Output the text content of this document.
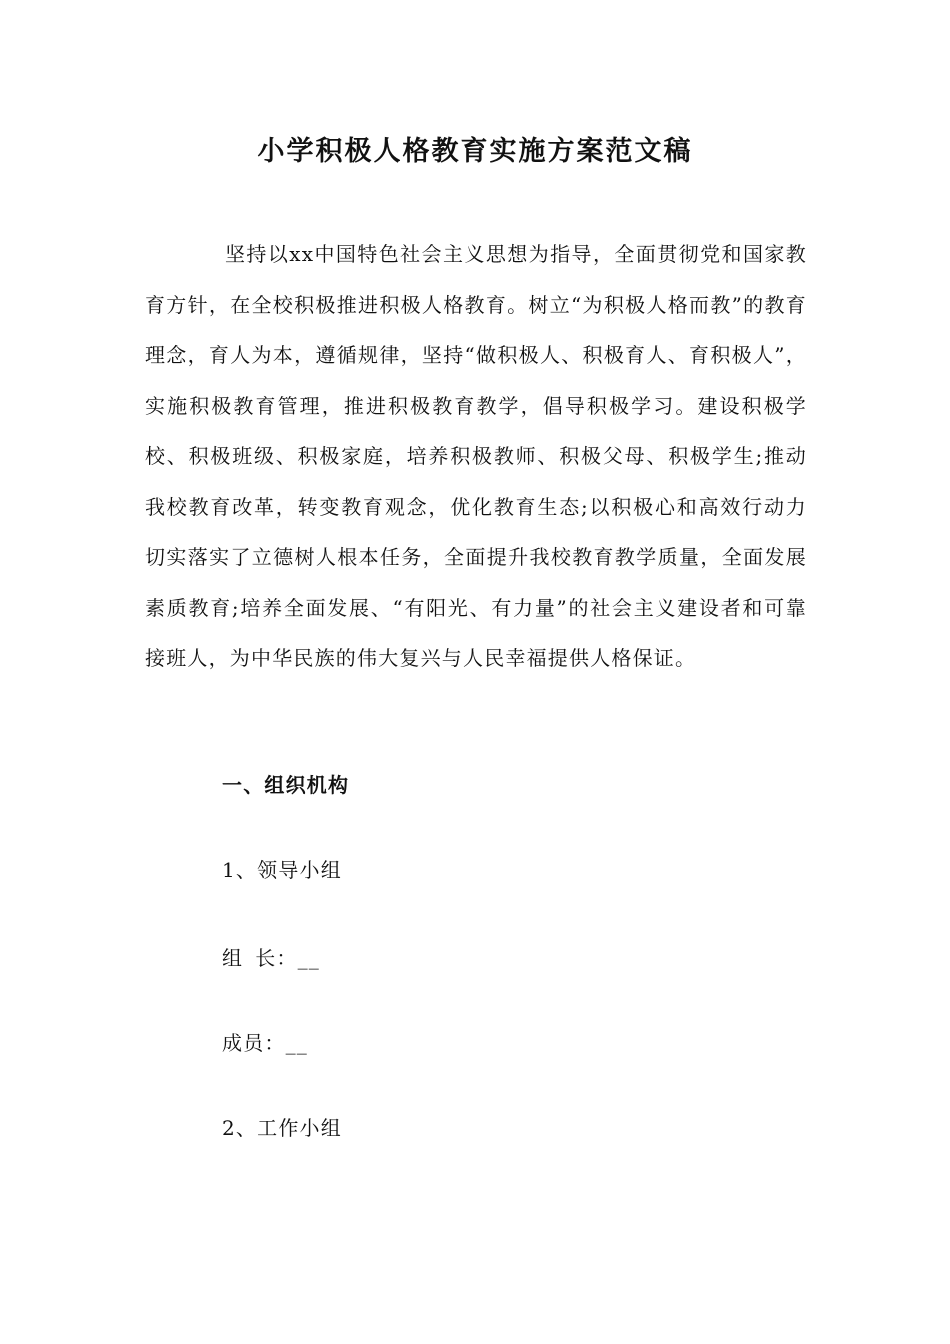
小学积极人格教育实施方案范文稿
坚持以xx中国特色社会主义思想为指导，全面贯彻党和国家教育方针，在全校积极推进积极人格教育。树立“为积极人格而教”的教育理念，育人为本，遵循规律，坚持“做积极人、积极育人、育积极人”，实施积极教育管理，推进积极教育教学，倡导积极学习。建设积极学校、积极班级、积极家庭，培养积极教师、积极父母、积极学生;推动我校教育改革，转变教育观念，优化教育生态;以积极心和高效行动力切实落实了立德树人根本任务，全面提升我校教育教学质量，全面发展素质教育;培养全面发展、“有阳光、有力量”的社会主义建设者和可靠接班人，为中华民族的伟大复兴与人民幸福提供人格保证。
一、组织机构
1、领导小组
组 长：__
成员：__
2、工作小组
